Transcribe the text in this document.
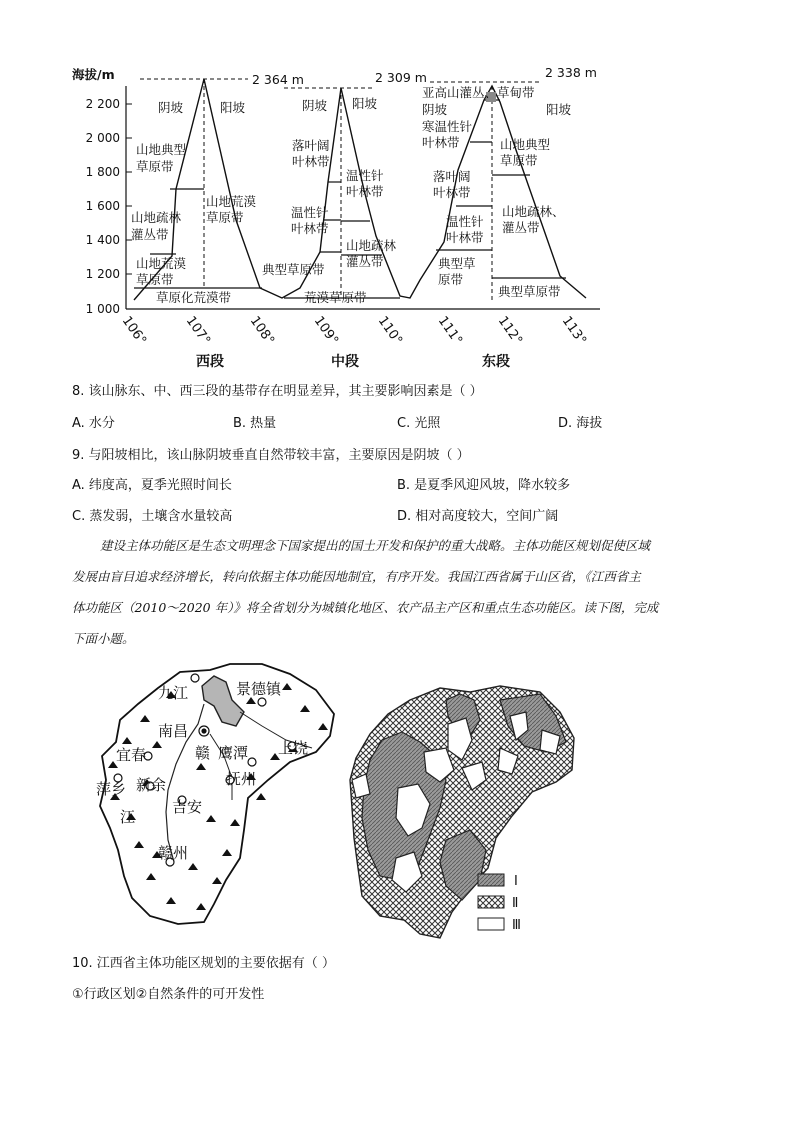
海拔/m
2 200
2 000
1 800
1 600
1 400
1 200
1 000
106°	107°	108°	109°	110° 111° 112°	113°
2 364 m	2 309 m	2 338 m
阴坡	阳坡
山地典型
草原带
山地疏林
灌丛带
山地荒漠
草原带
山地荒漠
草原带
草原化荒漠带
阴坡 阳坡
落叶阔
叶林带
温性针
叶林带
温性针
叶林带
山地疏林
灌丛带
典型草原带
荒漠草原带
亚高山灌丛、草甸带
阴坡	阳坡
寒温性针
叶林带
落叶阔
叶林带
温性针
叶林带
典型草
原带
山地典型
草原带
山地疏林、
灌丛带
典型草原带
西段	中段	东段
8. 该山脉东、中、西三段的基带存在明显差异，其主要影响因素是（ ）
A. 水分	B. 热量	C. 光照	D. 海拔
9. 与阳坡相比，该山脉阴坡垂直自然带较丰富，主要原因是阴坡（ ）
A. 纬度高，夏季光照时间长	B. 是夏季风迎风坡，降水较多
C. 蒸发弱，土壤含水量较高	D. 相对高度较大，空间广阔
建设主体功能区是生态文明理念下国家提出的国土开发和保护的重大战略。主体功能区规划促使区域
发展由盲目追求经济增长，转向依据主体功能因地制宜，有序开发。我国江西省属于山区省，《江西省主
体功能区（2010～2020 年）》将全省划分为城镇化地区、农产品主产区和重点生态功能区。读下图，完成
下面小题。
九江	景德镇
南昌
赣
宜春	鹰潭 上饶
新余	抚州
萍乡
吉安
江
赣州
Ⅰ
Ⅱ
Ⅲ
10. 江西省主体功能区规划的主要依据有（ ）
①行政区划②自然条件的可开发性
